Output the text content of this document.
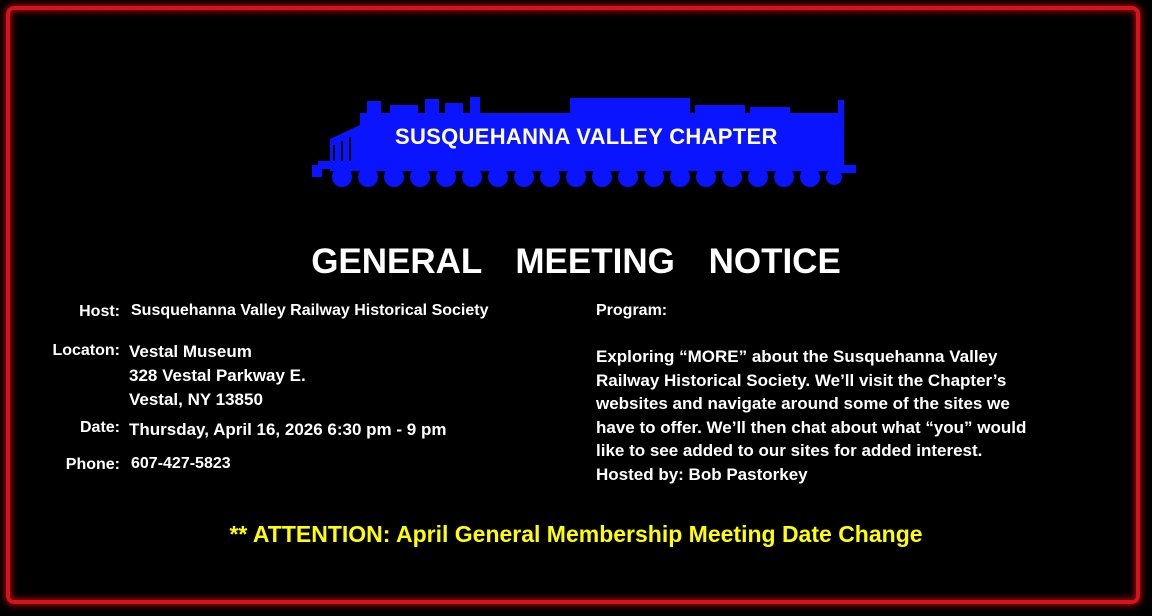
SUSQUEHANNA VALLEY CHAPTER
GENERAL MEETING NOTICE
Host: Susquehanna Valley Railway Historical Society
Locaton: Vestal Museum
328 Vestal Parkway E.
Vestal, NY 13850
Date: Thursday, April 16, 2026 6:30 pm - 9 pm
Phone: 607-427-5823
Program:
Exploring “MORE” about the Susquehanna Valley
Railway Historical Society. We’ll visit the Chapter’s
websites and navigate around some of the sites we
have to offer. We’ll then chat about what “you” would
like to see added to our sites for added interest.
Hosted by: Bob Pastorkey
** ATTENTION: April General Membership Meeting Date Change
